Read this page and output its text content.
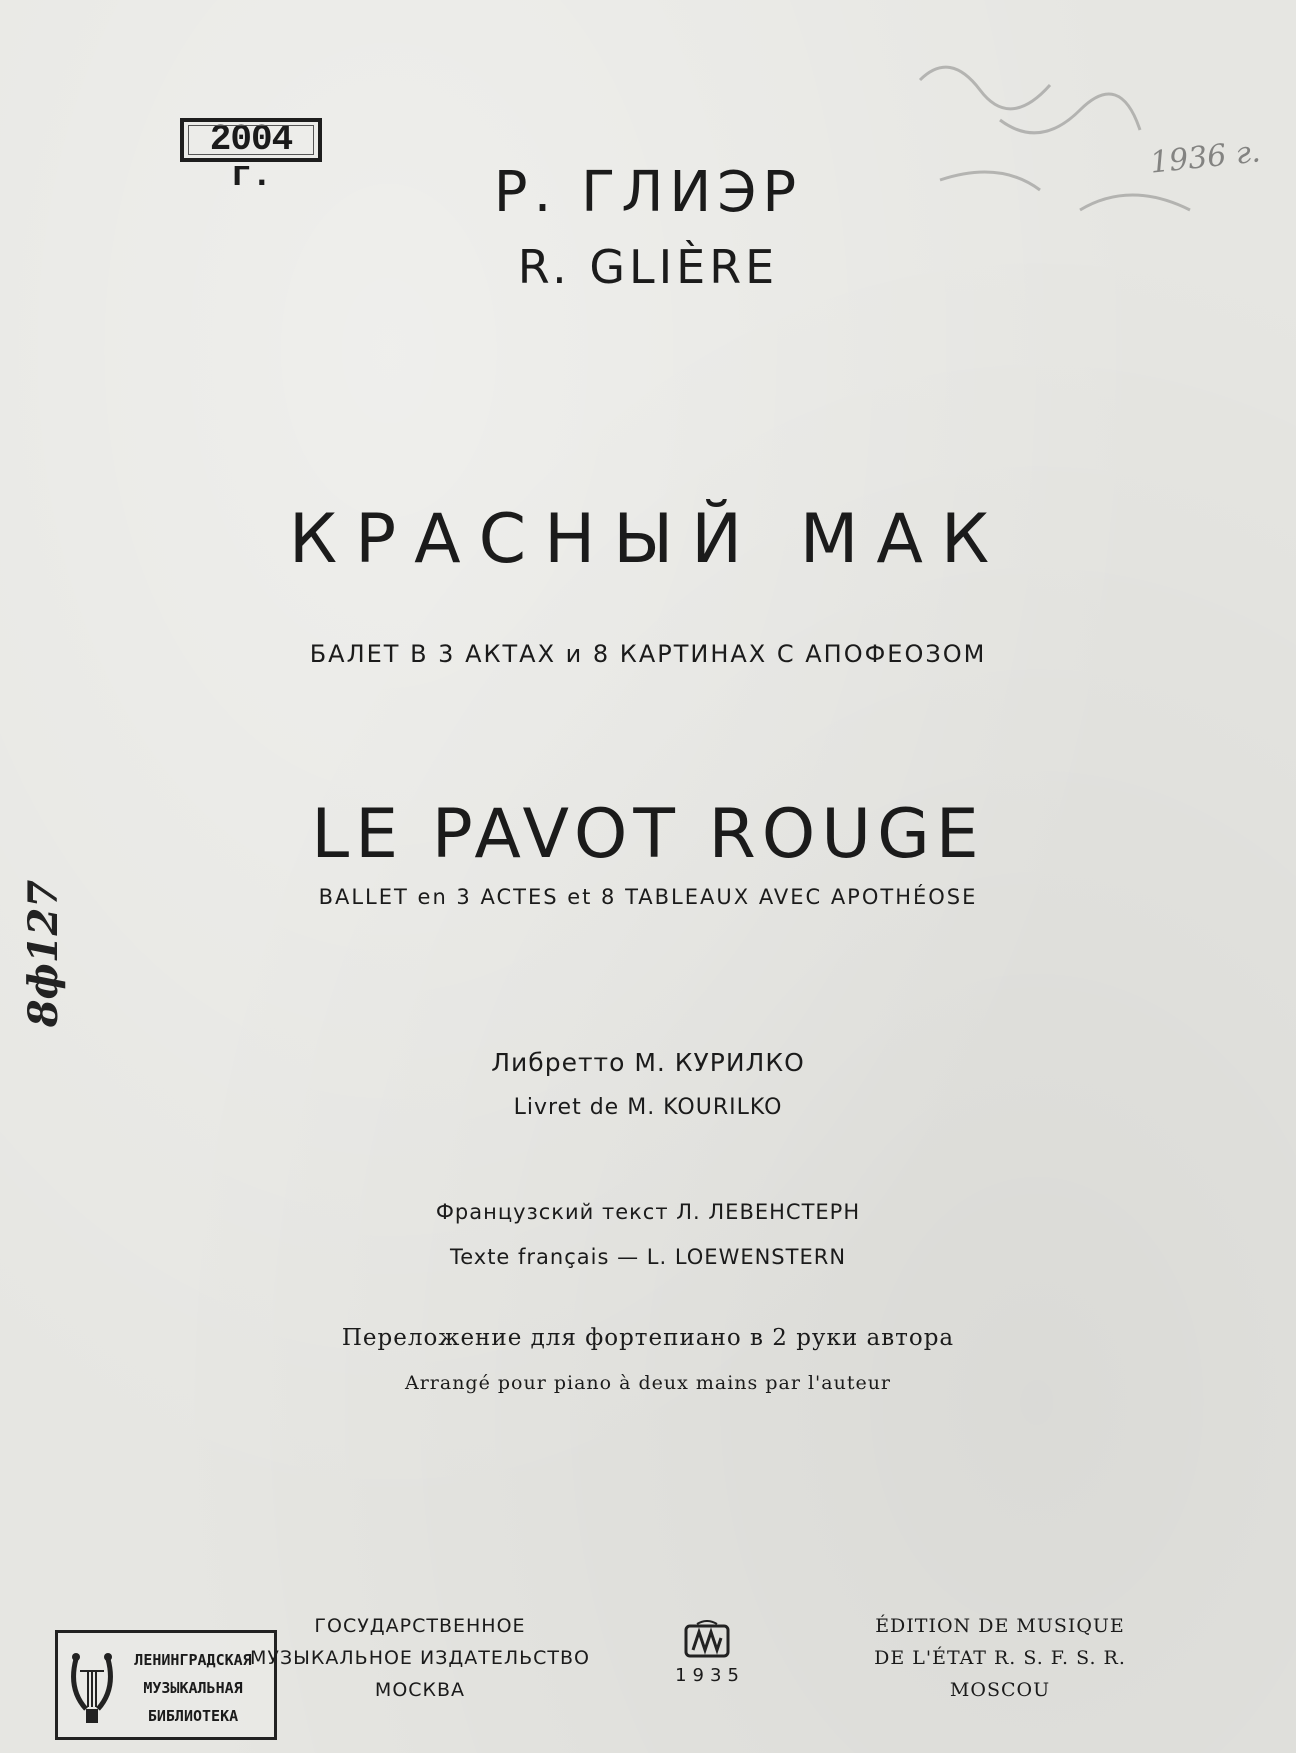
2004 г.	1936 г.
8ф127
Р. ГЛИЭР
R. GLIÈRE
КРАСНЫЙ МАК
БАЛЕТ В 3 АКТАХ и 8 КАРТИНАХ С АПОФЕОЗОМ
LE PAVOT ROUGE
BALLET en 3 ACTES et 8 TABLEAUX AVEC APOTHÉOSE
Либретто М. КУРИЛКО
Livret de M. KOURILKO
Французский текст Л. ЛЕВЕНСТЕРН
Texte français — L. LOEWENSTERN
Переложение для фортепиано в 2 руки автора
Arrangé pour piano à deux mains par l'auteur
ЛЕНИНГРАДСКАЯ
МУЗЫКАЛЬНАЯ
БИБЛИОТЕКА
ГОСУДАРСТВЕННОЕ
МУЗЫКАЛЬНОЕ ИЗДАТЕЛЬСТВО
МОСКВА
1935
ÉDITION DE MUSIQUE
DE L'ÉTAT R. S. F. S. R.
MOSCOU
